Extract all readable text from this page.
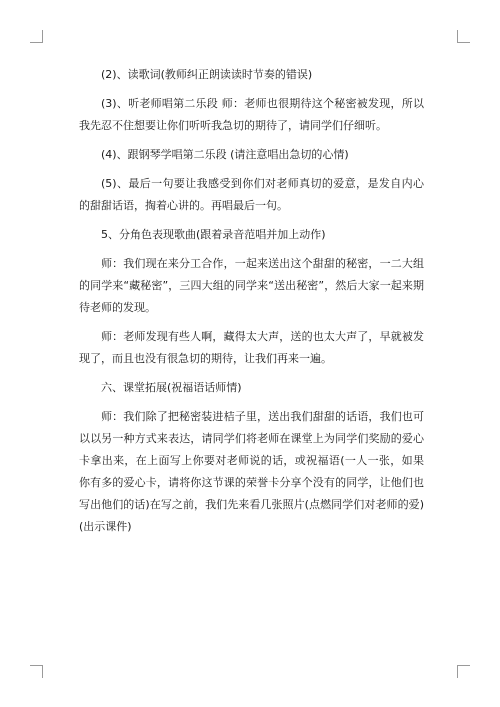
(2)、读歌词(教师纠正朗读读时节奏的错误)

(3)、听老师唱第二乐段 师：老师也很期待这个秘密被发现，所以我先忍不住想要让你们听听我急切的期待了，请同学们仔细听。

(4)、跟钢琴学唱第二乐段 (请注意唱出急切的心情)

(5)、最后一句要让我感受到你们对老师真切的爱意，是发自内心的甜甜话语，掏着心讲的。再唱最后一句。

5、分角色表现歌曲(跟着录音范唱并加上动作)

师：我们现在来分工合作，一起来送出这个甜甜的秘密，一二大组的同学来“藏秘密”，三四大组的同学来“送出秘密”，然后大家一起来期待老师的发现。

师：老师发现有些人啊，藏得太大声，送的也太大声了，早就被发现了，而且也没有很急切的期待，让我们再来一遍。

六、课堂拓展(祝福语话师情)

师：我们除了把秘密装进桔子里，送出我们甜甜的话语，我们也可以以另一种方式来表达，请同学们将老师在课堂上为同学们奖励的爱心卡拿出来，在上面写上你要对老师说的话，或祝福语(一人一张，如果你有多的爱心卡，请将你这节课的荣誉卡分享个没有的同学，让他们也写出他们的话)在写之前，我们先来看几张照片(点燃同学们对老师的爱)(出示课件)
